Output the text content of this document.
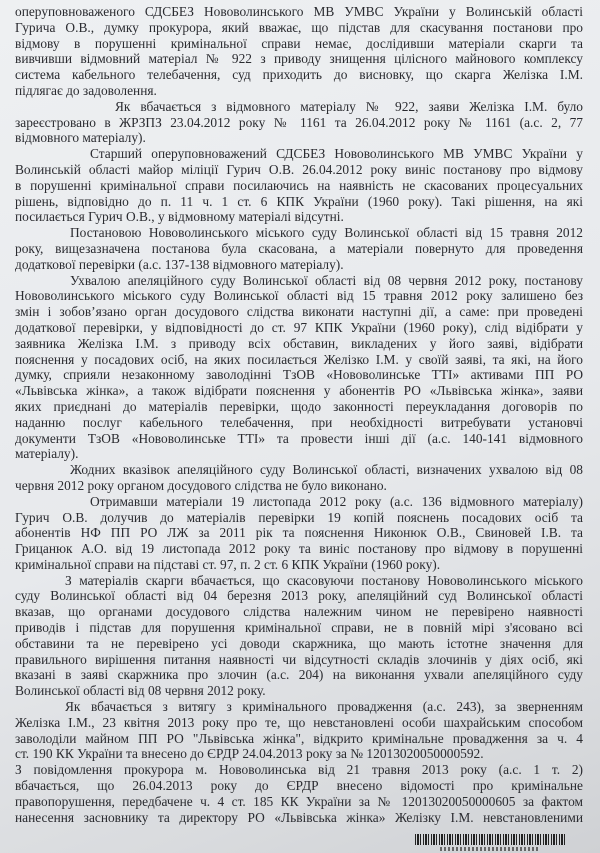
оперуповноваженого СДСБЕЗ Нововолинського МВ УМВС України у Волинській області
Гурича О.В., думку прокурора, який вважає, що підстав для скасування постанови про
відмову в порушенні кримінальної справи немає, дослідивши матеріали скарги та
вивчивши відмовний матеріал № 922 з приводу знищення цілісного майнового комплексу
система кабельного телебачення, суд приходить до висновку, що скарга Желізка І.М.
підлягає до задоволення.
Як вбачається з відмовного матеріалу № 922, заяви Желізка І.М. було
зареєстровано в ЖРЗПЗ 23.04.2012 року № 1161 та 26.04.2012 року № 1161 (а.с. 2, 77
відмовного матеріалу).
Старший оперуповноважений СДСБЕЗ Нововолинського МВ УМВС України у
Волинській області майор міліції Гурич О.В. 26.04.2012 року виніс постанову про відмову
в порушенні кримінальної справи посилаючись на наявність не скасованих процесуальних
рішень, відповідно до п. 11 ч. 1 ст. 6 КПК України (1960 року). Такі рішення, на які
посилається Гурич О.В., у відмовному матеріалі відсутні.
Постановою Нововолинського міського суду Волинської області від 15 травня 2012
року, вищезазначена постанова була скасована, а матеріали повернуто для проведення
додаткової перевірки (а.с. 137-138 відмовного матеріалу).
Ухвалою апеляційного суду Волинської області від 08 червня 2012 року, постанову
Нововолинського міського суду Волинської області від 15 травня 2012 року залишено без
змін і зобов’язано орган досудового слідства виконати наступні дії, а саме: при проведені
додаткової перевірки, у відповідності до ст. 97 КПК України (1960 року), слід відібрати у
заявника Желізка І.М. з приводу всіх обставин, викладених у його заяві, відібрати
пояснення у посадових осіб, на яких посилається Желізко І.М. у своїй заяві, та які, на його
думку, сприяли незаконному заволодінні ТзОВ «Нововолинське ТТІ» активами ПП РО
«Львівська жінка», а також відібрати пояснення у абонентів РО «Львівська жінка», заяви
яких приєднані до матеріалів перевірки, щодо законності переукладання договорів по
наданню послуг кабельного телебачення, при необхідності витребувати установчі
документи ТзОВ «Нововолинське ТТІ» та провести інші дії (а.с. 140-141 відмовного
матеріалу).
Жодних вказівок апеляційного суду Волинської області, визначених ухвалою від 08
червня 2012 року органом досудового слідства не було виконано.
Отримавши матеріали 19 листопада 2012 року (а.с. 136 відмовного матеріалу)
Гурич О.В. долучив до матеріалів перевірки 19 копій пояснень посадових осіб та
абонентів НФ ПП РО ЛЖ за 2011 рік та пояснення Никонюк О.В., Свиновей І.В. та
Грицанюк А.О. від 19 листопада 2012 року та виніс постанову про відмову в порушенні
кримінальної справи на підставі ст. 97, п. 2 ст. 6 КПК України (1960 року).
З матеріалів скарги вбачається, що скасовуючи постанову Нововолинського міського
суду Волинської області від 04 березня 2013 року, апеляційний суд Волинської області
вказав, що органами досудового слідства належним чином не перевірено наявності
приводів і підстав для порушення кримінальної справи, не в повній мірі з'ясовано всі
обставини та не перевірено усі доводи скаржника, що мають істотне значення для
правильного вирішення питання наявності чи відсутності складів злочинів у діях осіб, які
вказані в заяві скаржника про злочин (а.с. 204) на виконання ухвали апеляційного суду
Волинської області від 08 червня 2012 року.
Як вбачається з витягу з кримінального провадження (а.с. 243), за зверненням
Желізка І.М., 23 квітня 2013 року про те, що невстановлені особи шахрайським способом
заволоділи майном ПП РО "Львівська жінка", відкрито кримінальне провадження за ч. 4
ст. 190 КК України та внесено до ЄРДР 24.04.2013 року за № 12013020050000592.
З повідомлення прокурора м. Нововолинська від 21 травня 2013 року (а.с. 1 т. 2)
вбачається, що 26.04.2013 року до ЄРДР внесено відомості про кримінальне
правопорушення, передбачене ч. 4 ст. 185 КК України за № 12013020050000605 за фактом
нанесення засновнику та директору РО «Львівська жінка» Желізку І.М. невстановленими
